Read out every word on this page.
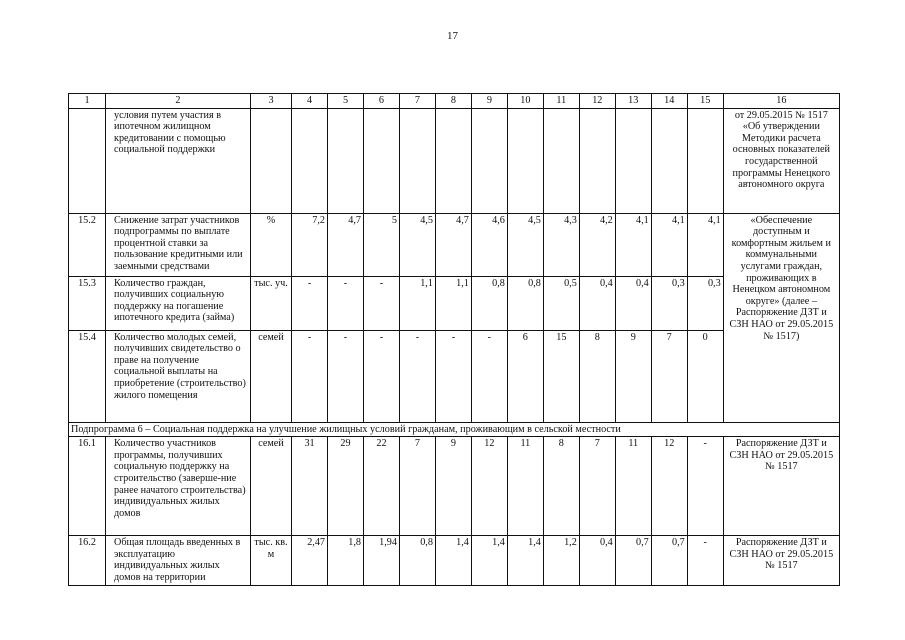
17
1	2	3	4	5	6	7	8	9	10	11	12	13	14	15	16
	условия путем участия в ипотечном жилищном кредитовании с помощью социальной поддержки														от 29.05.2015 № 1517 «Об утверждении Методики расчета основных показателей государственной программы Ненецкого автономного округа
15.2	Снижение затрат участников подпрограммы по выплате процентной ставки за пользование кредитными или заемными средствами	%	7,2	4,7	5	4,5	4,7	4,6	4,5	4,3	4,2	4,1	4,1	4,1	«Обеспечение доступным и комфортным жильем и коммунальными услугами граждан, проживающих в Ненецком автономном округе» (далее – Распоряжение ДЗТ и СЗН НАО от 29.05.2015 № 1517)
15.3	Количество граждан, получивших социальную поддержку на погашение ипотечного кредита (займа)	тыс. уч.	-	-	-	1,1	1,1	0,8	0,8	0,5	0,4	0,4	0,3	0,3	
15.4	Количество молодых семей, получивших свидетельство о праве на получение социальной выплаты на приобретение (строительство) жилого помещения	семей	-	-	-	-	-	-	6	15	8	9	7	0	
Подпрограмма 6 – Социальная поддержка на улучшение жилищных условий гражданам, проживающим в сельской местности															
16.1	Количество участников программы, получивших социальную поддержку на строительство (заверше-ние ранее начатого строительства) индивидуальных жилых домов	семей	31	29	22	7	9	12	11	8	7	11	12	-	Распоряжение ДЗТ и СЗН НАО от 29.05.2015 № 1517
16.2	Общая площадь введенных в эксплуатацию индивидуальных жилых домов на территории	тыс. кв. м	2,47	1,8	1,94	0,8	1,4	1,4	1,4	1,2	0,4	0,7	0,7	-	Распоряжение ДЗТ и СЗН НАО от 29.05.2015 № 1517
